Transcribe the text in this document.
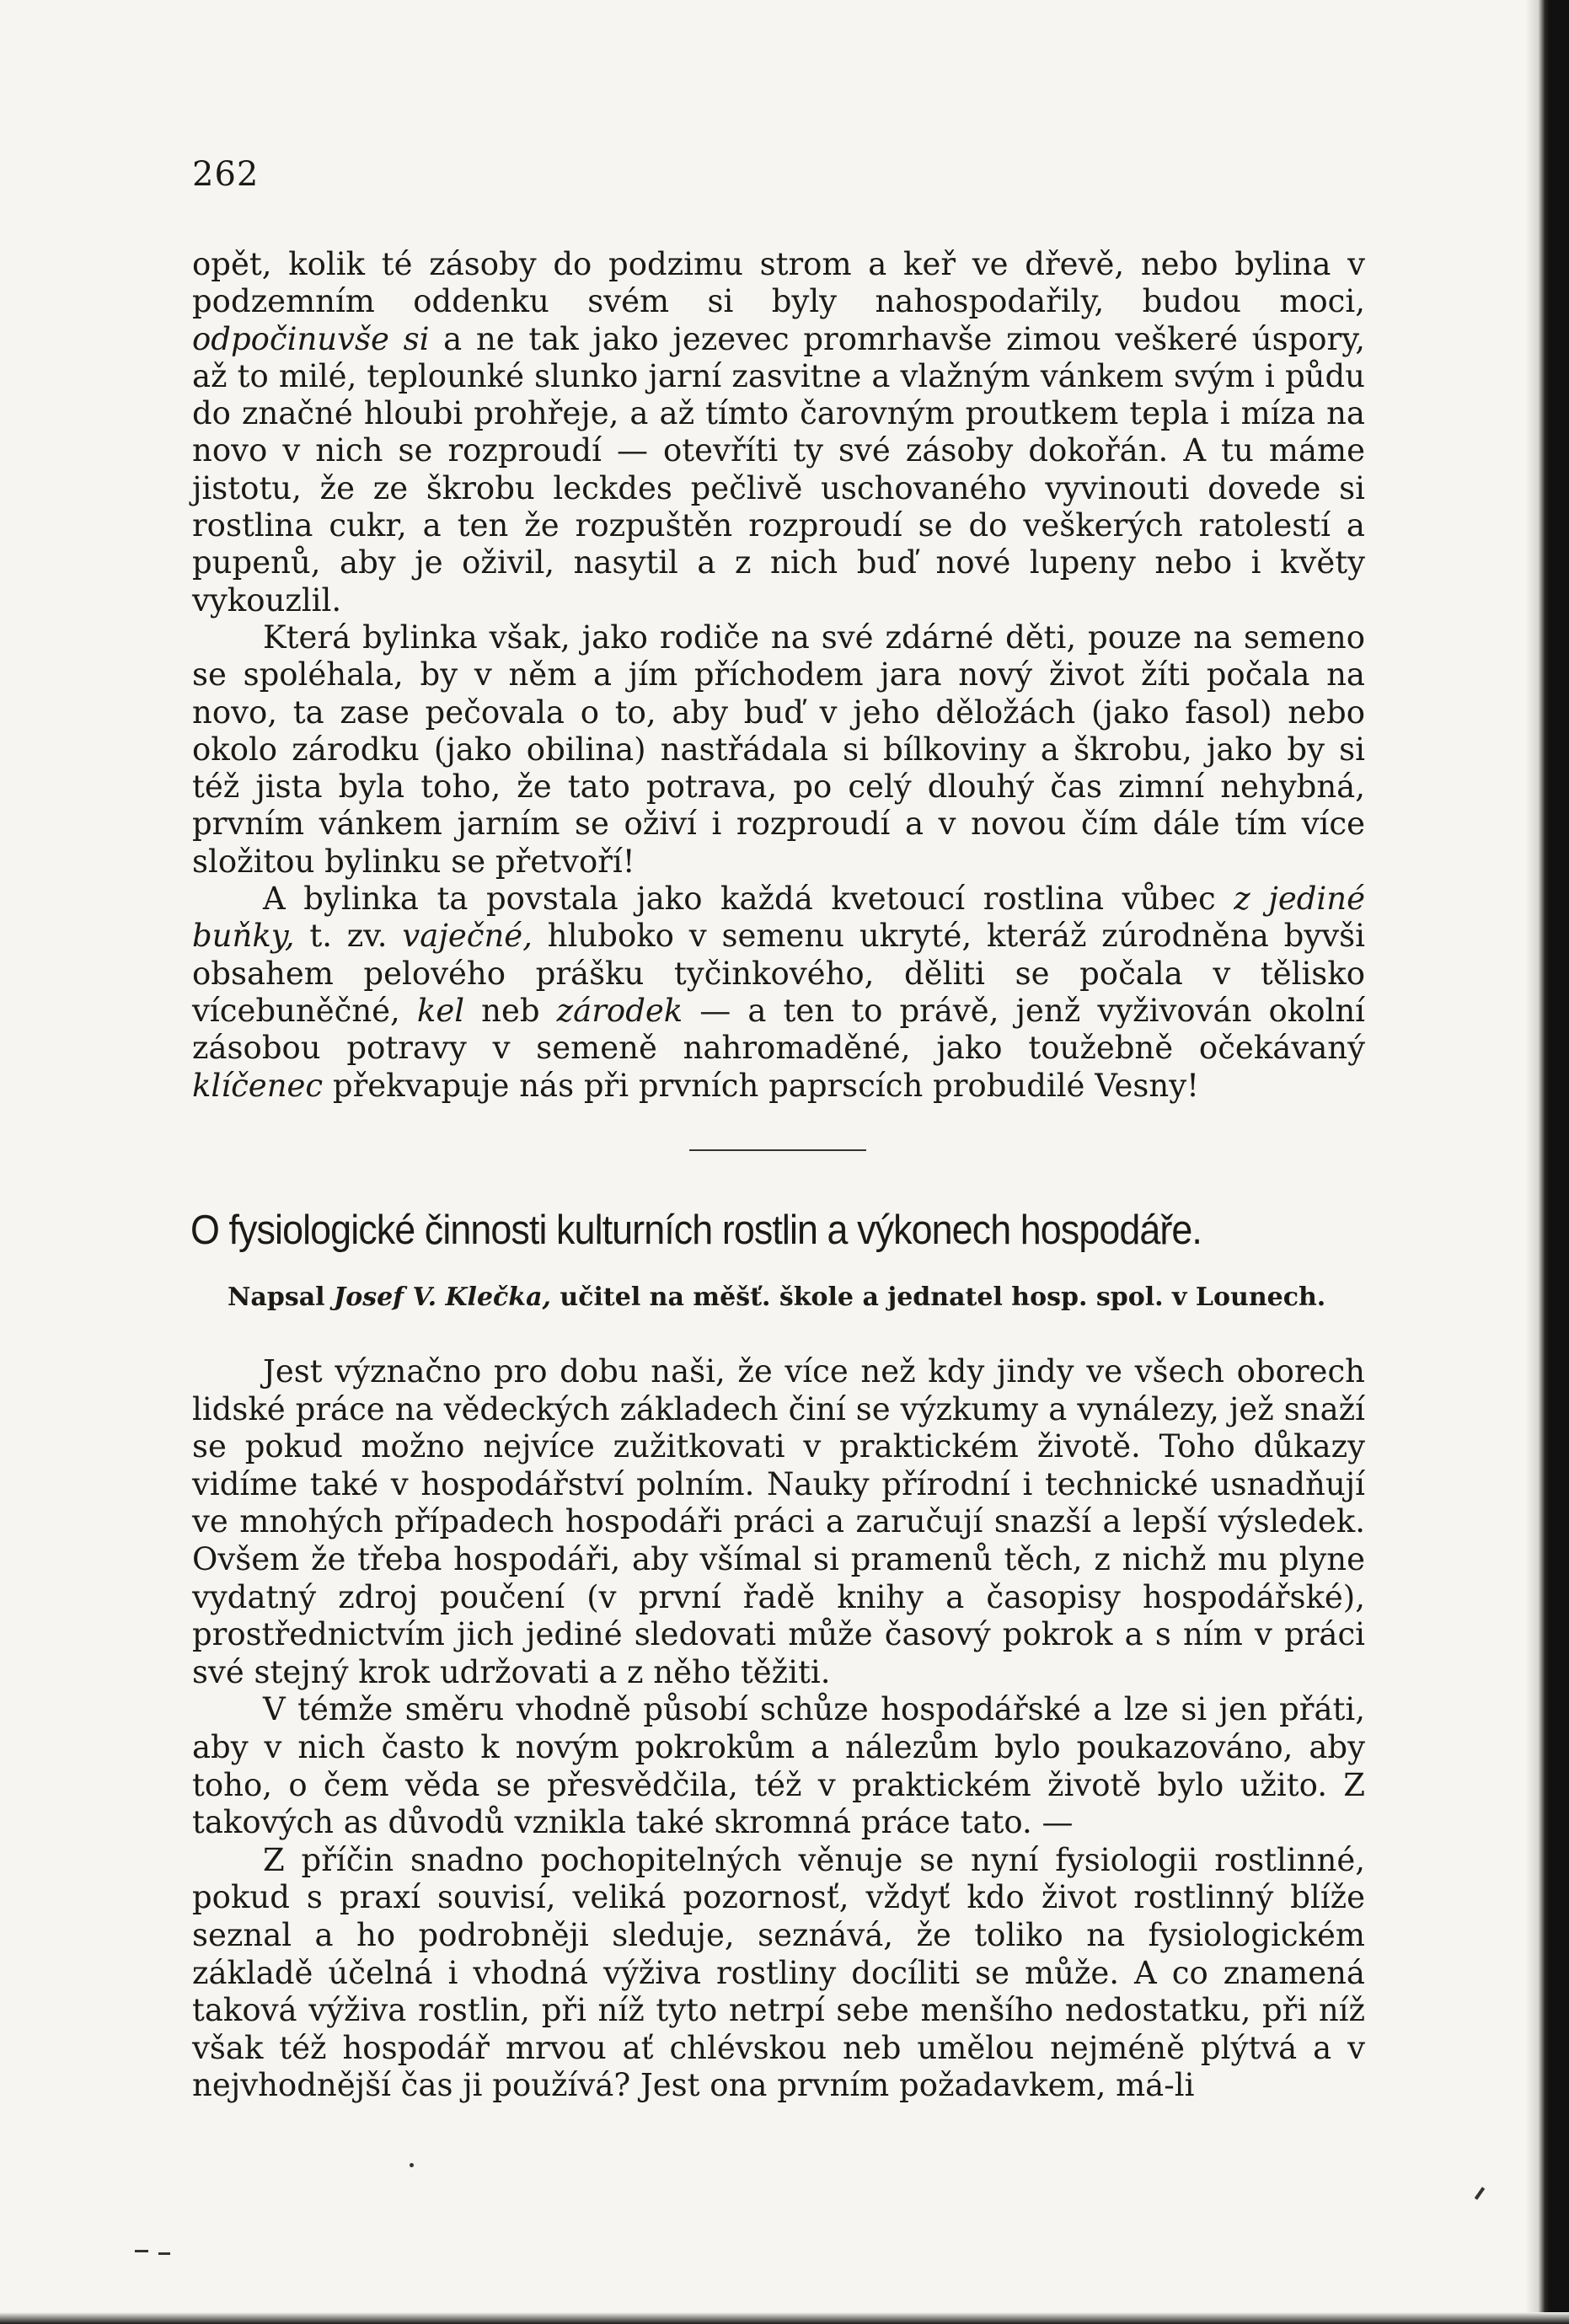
262

opět, kolik té zásoby do podzimu strom a keř ve dřevě, nebo bylina v podzemním oddenku svém si byly nahospodařily, budou moci, odpočinuvše si a ne tak jako jezevec promrhavše zimou veškeré úspory, až to milé, teplounké slunko jarní zasvitne a vlažným vánkem svým i půdu do značné hloubi prohřeje, a až tímto čarovným proutkem tepla i míza na novo v nich se rozproudí — otevříti ty své zásoby dokořán. A tu máme jistotu, že ze škrobu leckdes pečlivě uschovaného vyvinouti dovede si rostlina cukr, a ten že rozpuštěn rozproudí se do veškerých ratolestí a pupenů, aby je oživil, nasytil a z nich buď nové lupeny nebo i květy vykouzlil.

Která bylinka však, jako rodiče na své zdárné děti, pouze na semeno se spoléhala, by v něm a jím příchodem jara nový život žíti počala na novo, ta zase pečovala o to, aby buď v jeho děložách (jako fasol) nebo okolo zárodku (jako obilina) nastřádala si bílkoviny a škrobu, jako by si též jista byla toho, že tato potrava, po celý dlouhý čas zimní nehybná, prvním vánkem jarním se oživí i rozproudí a v novou čím dále tím více složitou bylinku se přetvoří!

A bylinka ta povstala jako každá kvetoucí rostlina vůbec z jediné buňky, t. zv. vaječné, hluboko v semenu ukryté, kteráž zúrodněna byvši obsahem pelového prášku tyčinkového, děliti se počala v tělisko vícebuněčné, kel neb zárodek — a ten to právě, jenž vyživován okolní zásobou potravy v semeně nahromaděné, jako toužebně očekávaný klíčenec překvapuje nás při prvních paprscích probudilé Vesny!

O fysiologické činnosti kulturních rostlin a výkonech hospodáře.
Napsal Josef V. Klečka, učitel na měšť. škole a jednatel hosp. spol. v Lounech.

Jest význačno pro dobu naši, že více než kdy jindy ve všech oborech lidské práce na vědeckých základech činí se výzkumy a vynálezy, jež snaží se pokud možno nejvíce zužitkovati v praktickém životě. Toho důkazy vidíme také v hospodářství polním. Nauky přírodní i technické usnadňují ve mnohých případech hospodáři práci a zaručují snazší a lepší výsledek. Ovšem že třeba hospodáři, aby všímal si pramenů těch, z nichž mu plyne vydatný zdroj poučení (v první řadě knihy a časopisy hospodářské), prostřednictvím jich jediné sledovati může časový pokrok a s ním v práci své stejný krok udržovati a z něho těžiti.

V témže směru vhodně působí schůze hospodářské a lze si jen přáti, aby v nich často k novým pokrokům a nálezům bylo poukazováno, aby toho, o čem věda se přesvědčila, též v praktickém životě bylo užito. Z takových as důvodů vznikla také skromná práce tato. —

Z příčin snadno pochopitelných věnuje se nyní fysiologii rostlinné, pokud s praxí souvisí, veliká pozornosť, vždyť kdo život rostlinný blíže seznal a ho podrobněji sleduje, seznává, že toliko na fysiologickém základě účelná i vhodná výživa rostliny docíliti se může. A co znamená taková výživa rostlin, při níž tyto netrpí sebe menšího nedostatku, při níž však též hospodář mrvou ať chlévskou neb umělou nejméně plýtvá a v nejvhodnější čas ji používá? Jest ona prvním požadavkem, má-li
